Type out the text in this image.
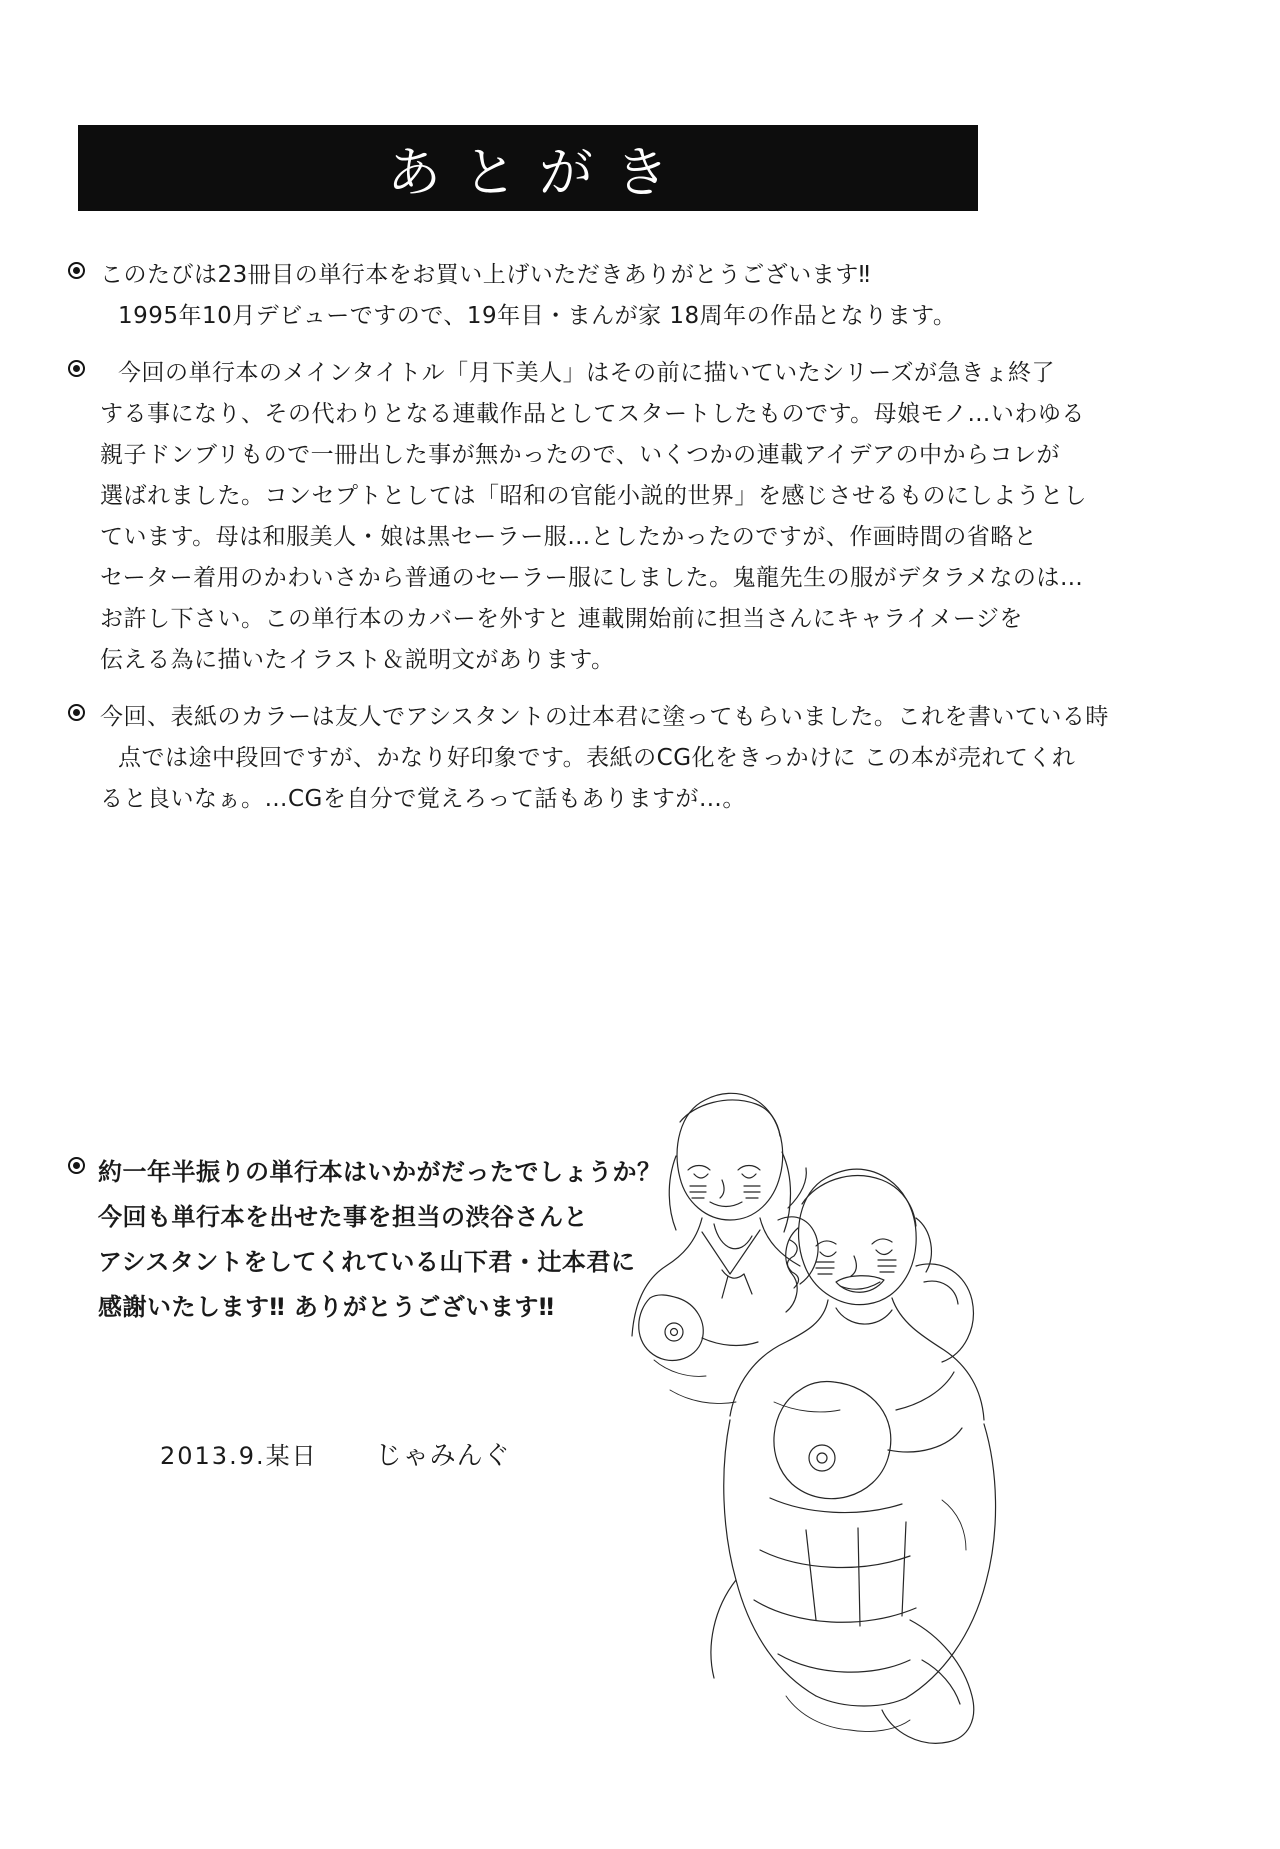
あとがき
このたびは23冊目の単行本をお買い上げいただきありがとうございます‼
1995年10月デビューですので、19年目・まんが家 18周年の作品となります。
今回の単行本のメインタイトル「月下美人」はその前に描いていたシリーズが急きょ終了
する事になり、その代わりとなる連載作品としてスタートしたものです。母娘モノ…いわゆる
親子ドンブリもので一冊出した事が無かったので、いくつかの連載アイデアの中からコレが
選ばれました。コンセプトとしては「昭和の官能小説的世界」を感じさせるものにしようとし
ています。母は和服美人・娘は黒セーラー服…としたかったのですが、作画時間の省略と
セーター着用のかわいさから普通のセーラー服にしました。鬼龍先生の服がデタラメなのは…
お許し下さい。この単行本のカバーを外すと 連載開始前に担当さんにキャライメージを
伝える為に描いたイラスト＆説明文があります。
今回、表紙のカラーは友人でアシスタントの辻本君に塗ってもらいました。これを書いている時
点では途中段回ですが、かなり好印象です。表紙のCG化をきっかけに この本が売れてくれ
ると良いなぁ。…CGを自分で覚えろって話もありますが…。
約一年半振りの単行本はいかがだったでしょうか？
今回も単行本を出せた事を担当の渋谷さんと
アシスタントをしてくれている山下君・辻本君に
感謝いたします‼ ありがとうございます‼
2013.9.某日 じゃみんぐ
